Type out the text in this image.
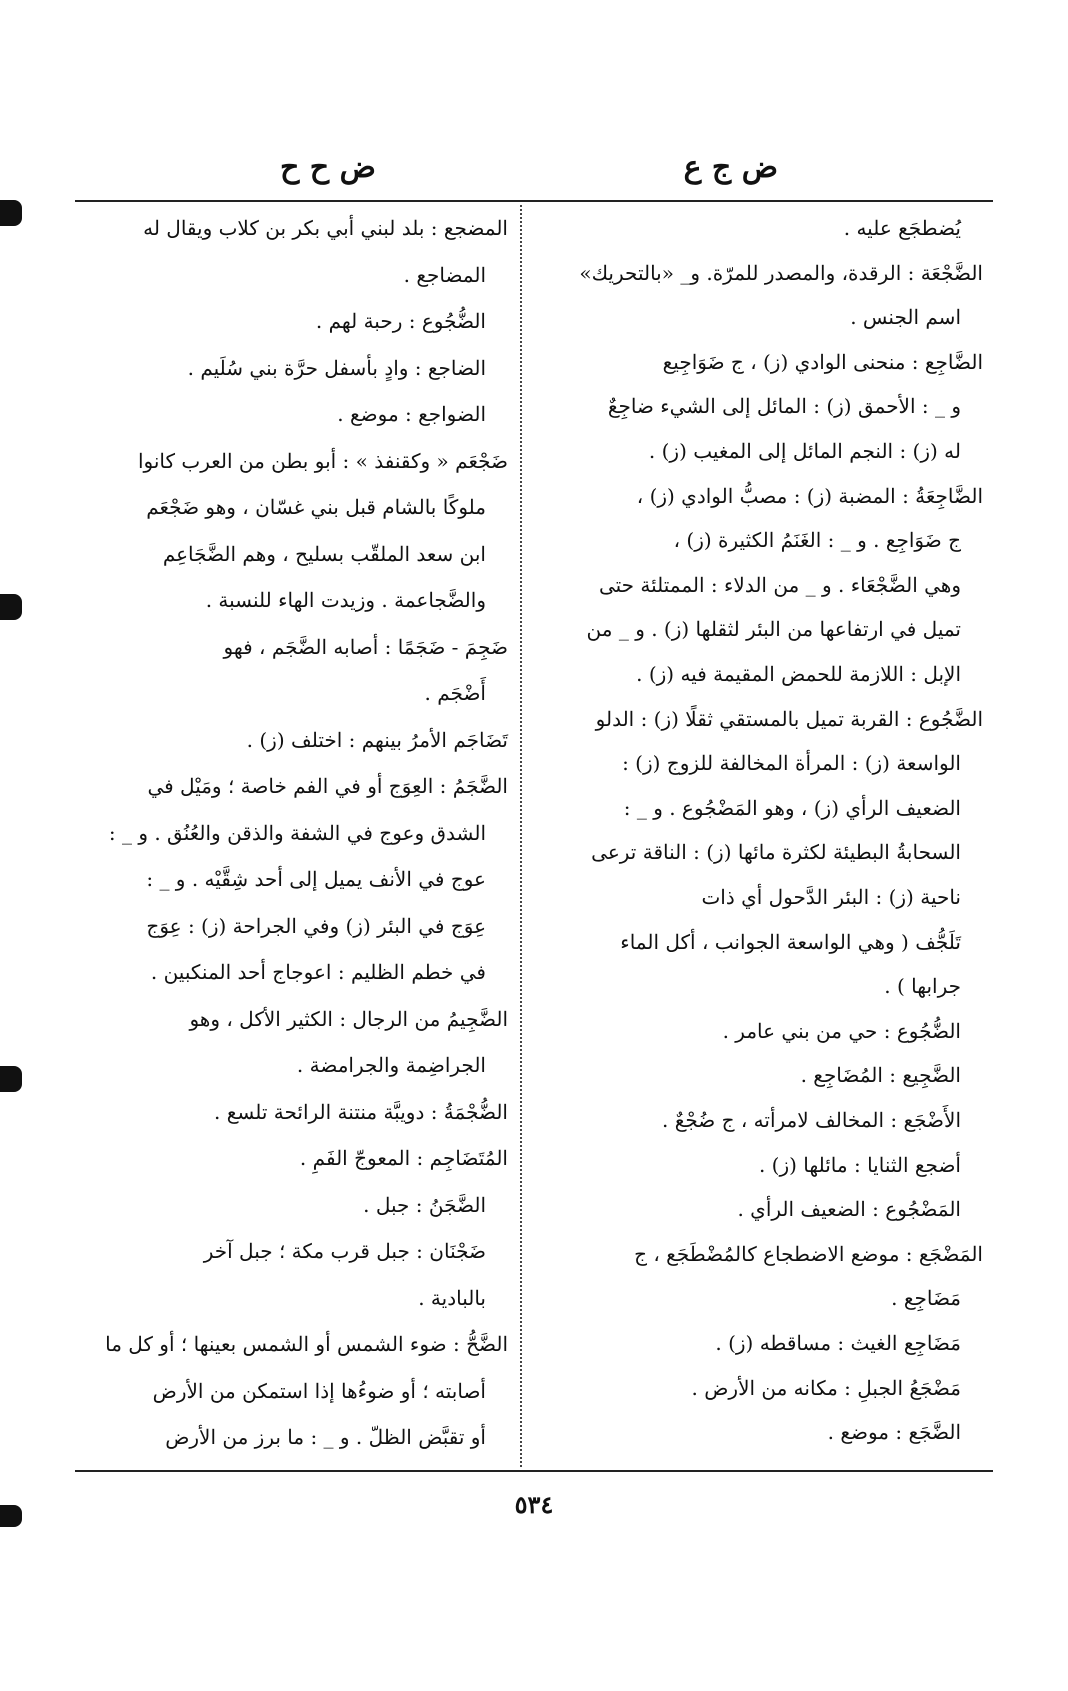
ض ج ع
ض ح ح
يُضطجَع عليه .
الضَّجْعَة : الرقدة، والمصدر للمرّة. و_ «بالتحريك»
اسم الجنس .
الضَّاجِع : منحنى الوادي (ز) ، ج ضَوَاجِيع
و _ : الأحمق (ز) : المائل إلى الشيء ضاجِعٌ
له (ز) : النجم المائل إلى المغيب (ز) .
الضَّاجِعَةُ : المضبة (ز) : مصبُّ الوادي (ز) ،
ج ضَوَاجِع . و _ : الغَنَمُ الكثيرة (ز) ،
وهي الضَّجْعَاء . و _ من الدلاء : الممتلئة حتى
تميل في ارتفاعها من البئر لثقلها (ز) . و _ من
الإبل : اللازمة للحمض المقيمة فيه (ز) .
الضَّجُوع : القربة تميل بالمستقي ثقلًا (ز) : الدلو
الواسعة (ز) : المرأة المخالفة للزوج (ز) :
الضعيف الرأي (ز) ، وهو المَضْجُوع . و _ :
السحابةُ البطيئة لكثرة مائها (ز) : الناقة ترعى
ناحية (ز) : البئر الدَّحول أي ذات
تَلَجُّف ( وهي الواسعة الجوانب ، أكل الماء
جرابها ) .
الضُّجُوع : حي من بني عامر .
الضَّجِيع : المُضَاجِع .
الأَضْجَع : المخالف لامرأته ، ج ضُجْعٌ .
أضجع الثنايا : مائلها (ز) .
المَضْجُوع : الضعيف الرأي .
المَضْجَع : موضع الاضطجاع كالمُضْطَجَع ، ج
مَضَاجِع .
مَضَاجِع الغيث : مساقطه (ز) .
مَضْجَعُ الجبلِ : مكانه من الأرض .
الضَّجَع : موضع .
المضجع : بلد لبني أبي بكر بن كلاب ويقال له
المضاجع .
الضُّجُوع : رحبة لهم .
الضاجع : وادٍ بأسفل حرَّة بني سُلَيم .
الضواجع : موضع .
ضَجْعَم « وكقنفذ » : أبو بطن من العرب كانوا
ملوكًا بالشام قبل بني غسّان ، وهو ضَجْعَم
ابن سعد الملقّب بسليح ، وهم الضَّجَاعِم
والضَّجاعمة . وزيدت الهاء للنسبة .
ضَجِمَ - ضَجَمًا : أصابه الضَّجَم ، فهو
أَضْجَم .
تَضَاجَم الأمرُ بينهم : اختلف (ز) .
الضَّجَمُ : العِوَج أو في الفم خاصة ؛ ومَيْل في
الشدق وعوج في الشفة والذقن والعُنُق . و _ :
عوج في الأنف يميل إلى أحد شِقَّيْه . و _ :
عِوَج في البئر (ز) وفي الجراحة (ز) : عِوَج
في خطم الظليم : اعوجاج أحد المنكبين .
الضَّجِيمُ من الرجال : الكثير الأكل ، وهو
الجراضِمة والجرامضة .
الضُّجْمَةُ : دويبَّة منتنة الرائحة تلسع .
المُتَضَاجِم : المعوجّ الفَمِ .
الضَّجَنُ : جبل .
ضَجْنَان : جبل قرب مكة ؛ جبل آخر
بالبادية .
الضَّحُّ : ضوء الشمس أو الشمس بعينها ؛ أو كل ما
أصابته ؛ أو ضوءُها إذا استمكن من الأرض
أو تقبَّض الظلّ . و _ : ما برز من الأرض
٥٣٤
